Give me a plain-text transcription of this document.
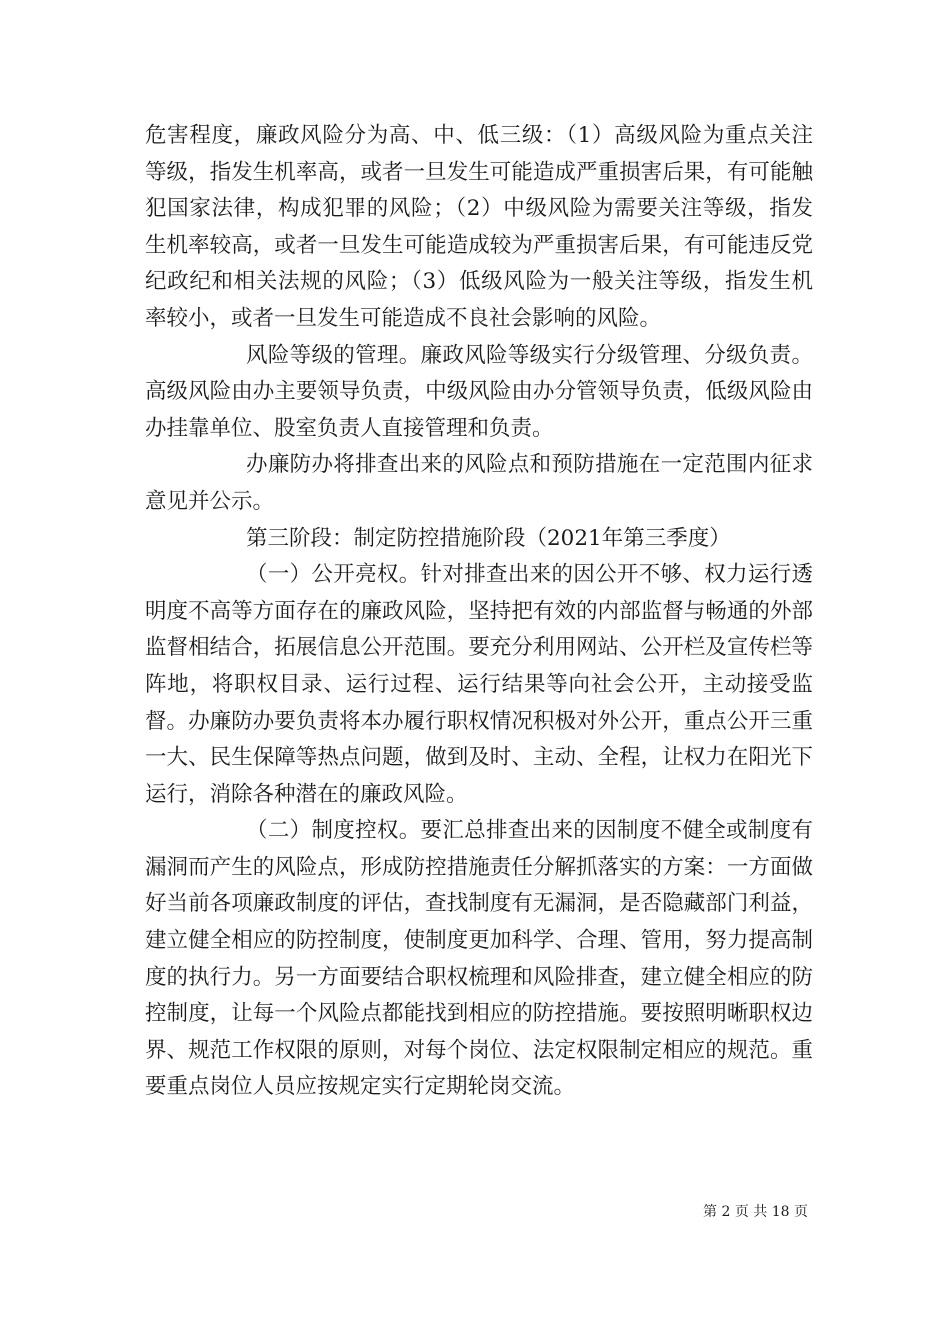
危害程度，廉政风险分为高、中、低三级：（1）高级风险为重点关注等级，指发生机率高，或者一旦发生可能造成严重损害后果，有可能触犯国家法律，构成犯罪的风险；（2）中级风险为需要关注等级，指发生机率较高，或者一旦发生可能造成较为严重损害后果，有可能违反党纪政纪和相关法规的风险；（3）低级风险为一般关注等级，指发生机率较小，或者一旦发生可能造成不良社会影响的风险。

风险等级的管理。廉政风险等级实行分级管理、分级负责。高级风险由办主要领导负责，中级风险由办分管领导负责，低级风险由办挂靠单位、股室负责人直接管理和负责。

办廉防办将排查出来的风险点和预防措施在一定范围内征求意见并公示。

第三阶段：制定防控措施阶段（2021年第三季度）

（一）公开亮权。针对排查出来的因公开不够、权力运行透明度不高等方面存在的廉政风险，坚持把有效的内部监督与畅通的外部监督相结合，拓展信息公开范围。要充分利用网站、公开栏及宣传栏等阵地，将职权目录、运行过程、运行结果等向社会公开，主动接受监督。办廉防办要负责将本办履行职权情况积极对外公开，重点公开三重一大、民生保障等热点问题，做到及时、主动、全程，让权力在阳光下运行，消除各种潜在的廉政风险。

（二）制度控权。要汇总排查出来的因制度不健全或制度有漏洞而产生的风险点，形成防控措施责任分解抓落实的方案：一方面做好当前各项廉政制度的评估，查找制度有无漏洞，是否隐藏部门利益，建立健全相应的防控制度，使制度更加科学、合理、管用，努力提高制度的执行力。另一方面要结合职权梳理和风险排查，建立健全相应的防控制度，让每一个风险点都能找到相应的防控措施。要按照明晰职权边界、规范工作权限的原则，对每个岗位、法定权限制定相应的规范。重要重点岗位人员应按规定实行定期轮岗交流。

第 2 页 共 18 页
